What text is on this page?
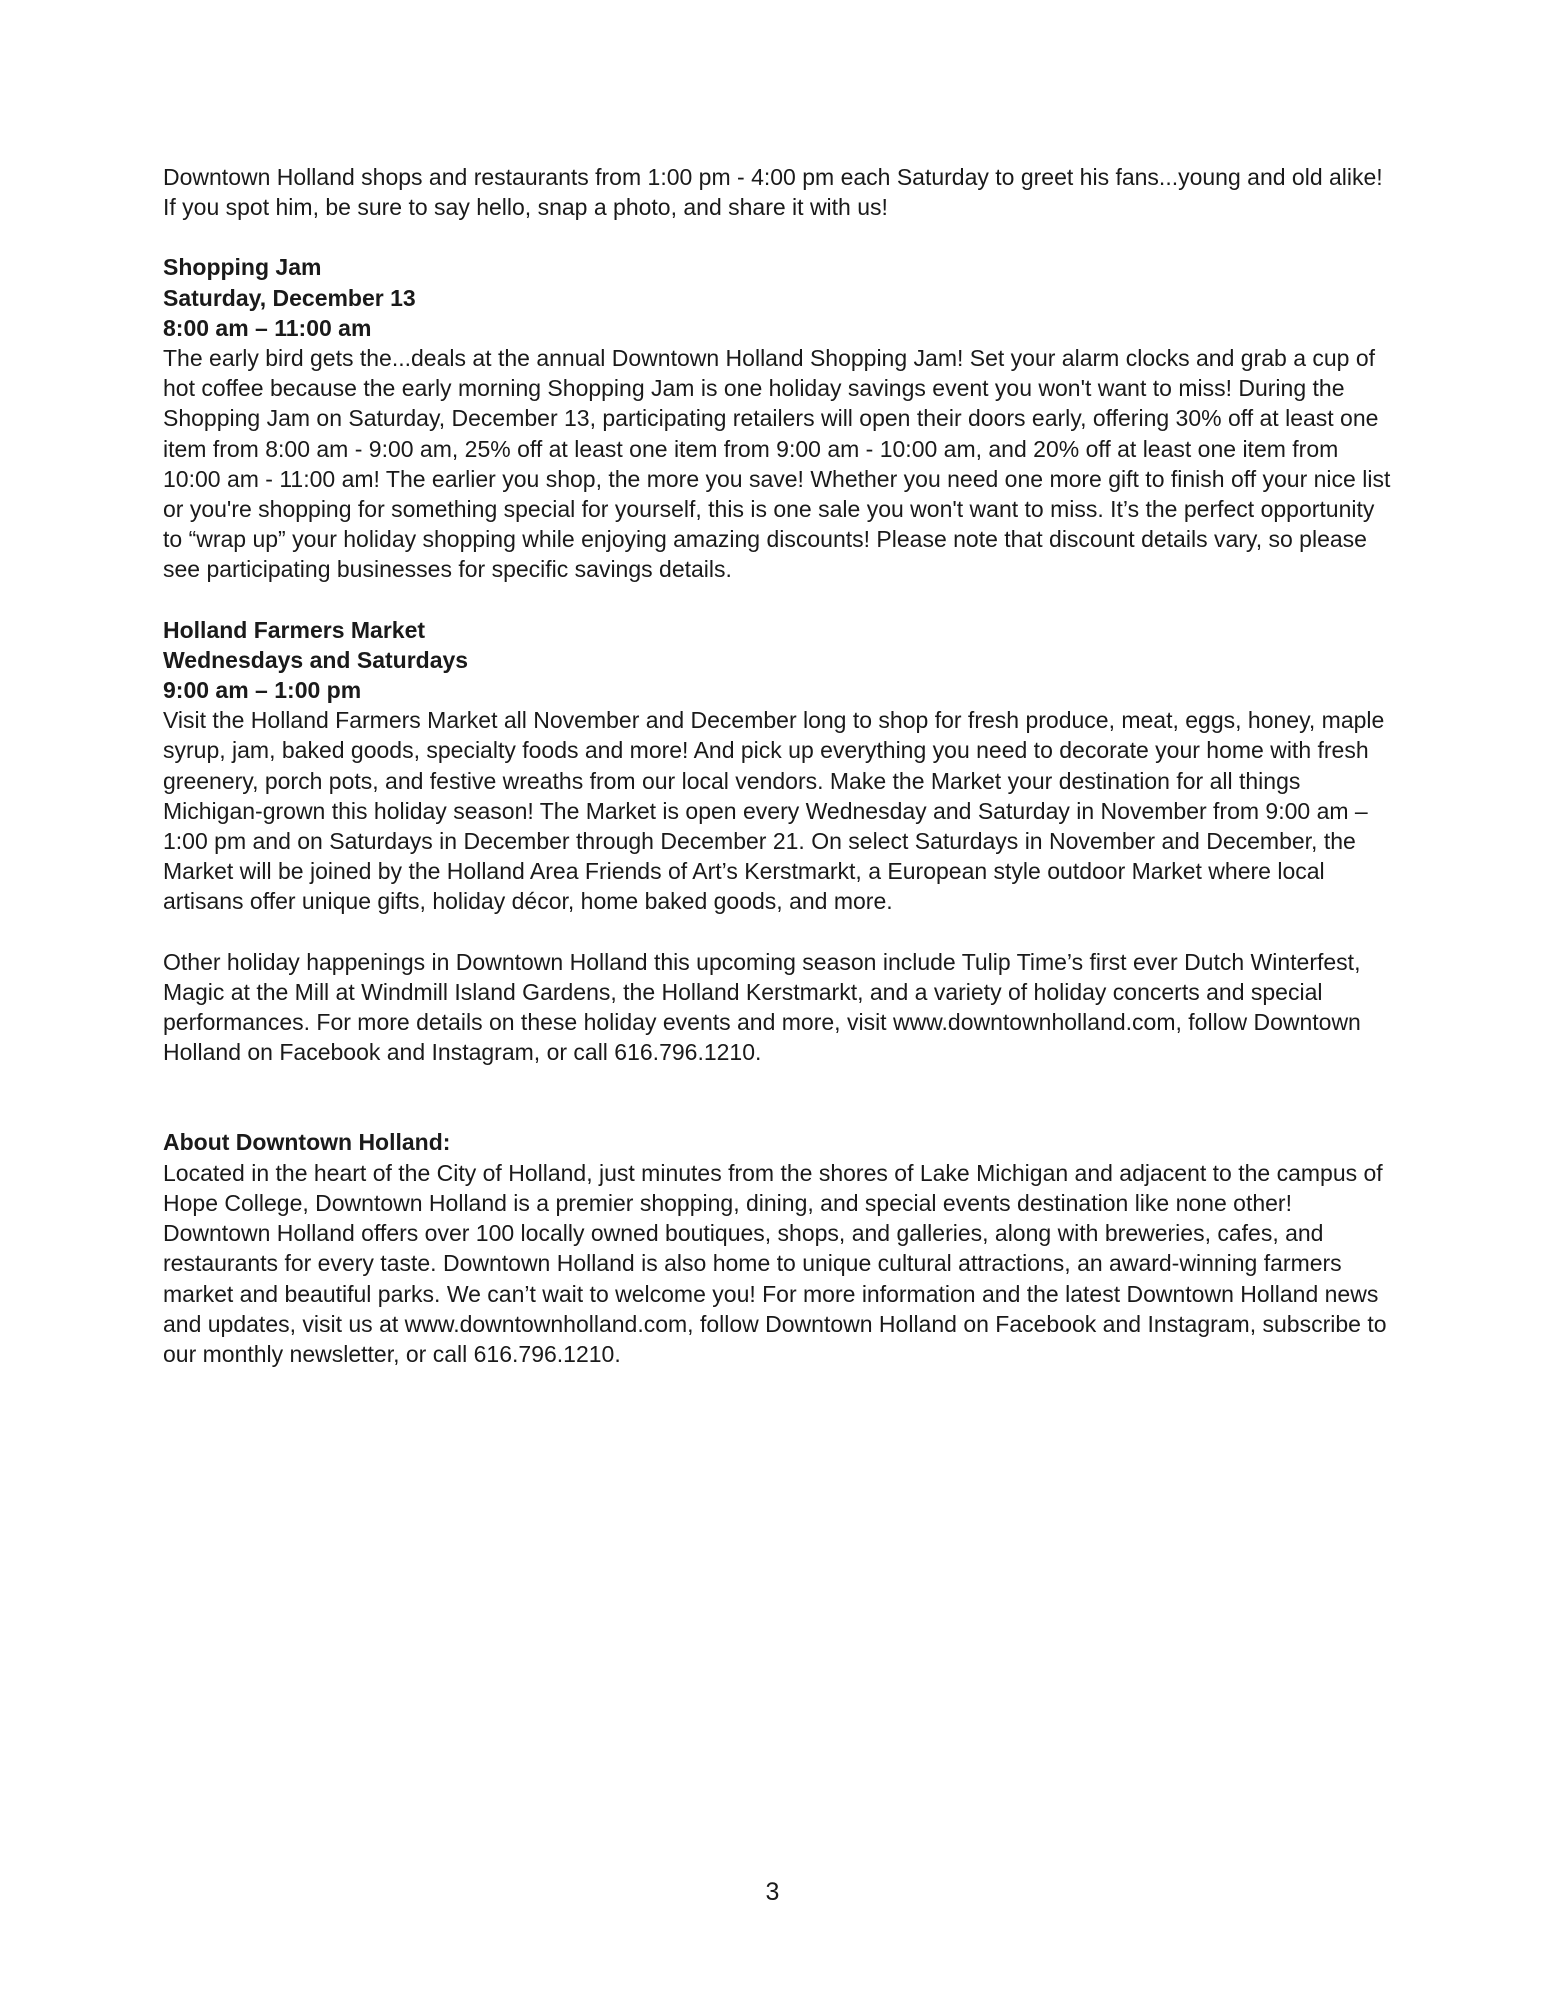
Downtown Holland shops and restaurants from 1:00 pm - 4:00 pm each Saturday to greet his fans...young and old alike! If you spot him, be sure to say hello, snap a photo, and share it with us!

Shopping Jam

Saturday, December 13

8:00 am – 11:00 am

The early bird gets the...deals at the annual Downtown Holland Shopping Jam! Set your alarm clocks and grab a cup of hot coffee because the early morning Shopping Jam is one holiday savings event you won't want to miss! During the Shopping Jam on Saturday, December 13, participating retailers will open their doors early, offering 30% off at least one item from 8:00 am - 9:00 am, 25% off at least one item from 9:00 am - 10:00 am, and 20% off at least one item from 10:00 am - 11:00 am! The earlier you shop, the more you save! Whether you need one more gift to finish off your nice list or you're shopping for something special for yourself, this is one sale you won't want to miss. It’s the perfect opportunity to “wrap up” your holiday shopping while enjoying amazing discounts! Please note that discount details vary, so please see participating businesses for specific savings details.

Holland Farmers Market

Wednesdays and Saturdays

9:00 am – 1:00 pm

Visit the Holland Farmers Market all November and December long to shop for fresh produce, meat, eggs, honey, maple syrup, jam, baked goods, specialty foods and more! And pick up everything you need to decorate your home with fresh greenery, porch pots, and festive wreaths from our local vendors. Make the Market your destination for all things Michigan-grown this holiday season! The Market is open every Wednesday and Saturday in November from 9:00 am – 1:00 pm and on Saturdays in December through December 21. On select Saturdays in November and December, the Market will be joined by the Holland Area Friends of Art’s Kerstmarkt, a European style outdoor Market where local artisans offer unique gifts, holiday décor, home baked goods, and more.

Other holiday happenings in Downtown Holland this upcoming season include Tulip Time’s first ever Dutch Winterfest, Magic at the Mill at Windmill Island Gardens, the Holland Kerstmarkt, and a variety of holiday concerts and special performances. For more details on these holiday events and more, visit www.downtownholland.com, follow Downtown Holland on Facebook and Instagram, or call 616.796.1210.

About Downtown Holland:

Located in the heart of the City of Holland, just minutes from the shores of Lake Michigan and adjacent to the campus of Hope College, Downtown Holland is a premier shopping, dining, and special events destination like none other! Downtown Holland offers over 100 locally owned boutiques, shops, and galleries, along with breweries, cafes, and restaurants for every taste. Downtown Holland is also home to unique cultural attractions, an award-winning farmers market and beautiful parks. We can’t wait to welcome you! For more information and the latest Downtown Holland news and updates, visit us at www.downtownholland.com, follow Downtown Holland on Facebook and Instagram, subscribe to our monthly newsletter, or call 616.796.1210.

3
